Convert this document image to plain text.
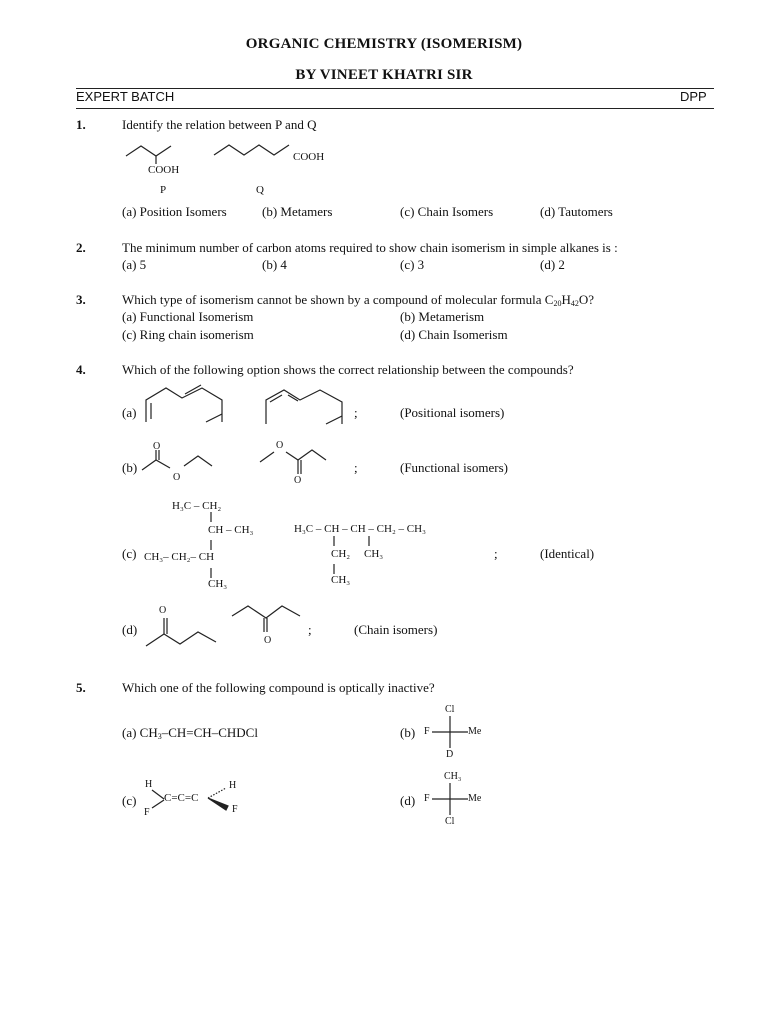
ORGANIC CHEMISTRY (ISOMERISM)
BY VINEET KHATRI SIR
EXPERT BATCH	DPP
1.	Identify the relation between P and Q
COOH
P
COOH
Q
(a) Position Isomers	(b) Metamers	(c) Chain Isomers	(d) Tautomers
2.	The minimum number of carbon atoms required to show chain isomerism in simple alkanes is :
(a) 5	(b) 4	(c) 3	(d) 2
3.	Which type of isomerism cannot be shown by a compound of molecular formula $C_{20}H_{42}O$?
(a) Functional Isomerism	(b) Metamerism
(c) Ring chain isomerism	(d) Chain Isomerism
4.	Which of the following option shows the correct relationship between the compounds?
(a)	;	(Positional isomers)
(b)
O
O
O
O
;	(Functional isomers)
H₃C – CH₂
CH – CH₃
(c) CH₃– CH₂– CH
CH₃
H₃C – CH – CH – CH₂ – CH₃
CH₂ CH₃
CH₃
;	(Identical)
(d)
O
O
;	(Chain isomers)
5.	Which one of the following compound is optically inactive?
(a) $CH_3-CH=CH$–CHDCl	(b)
Cl
F	Me
D
(c)
H
F
C=C=C
H
F
(d)
CH₃
F	Me
Cl
